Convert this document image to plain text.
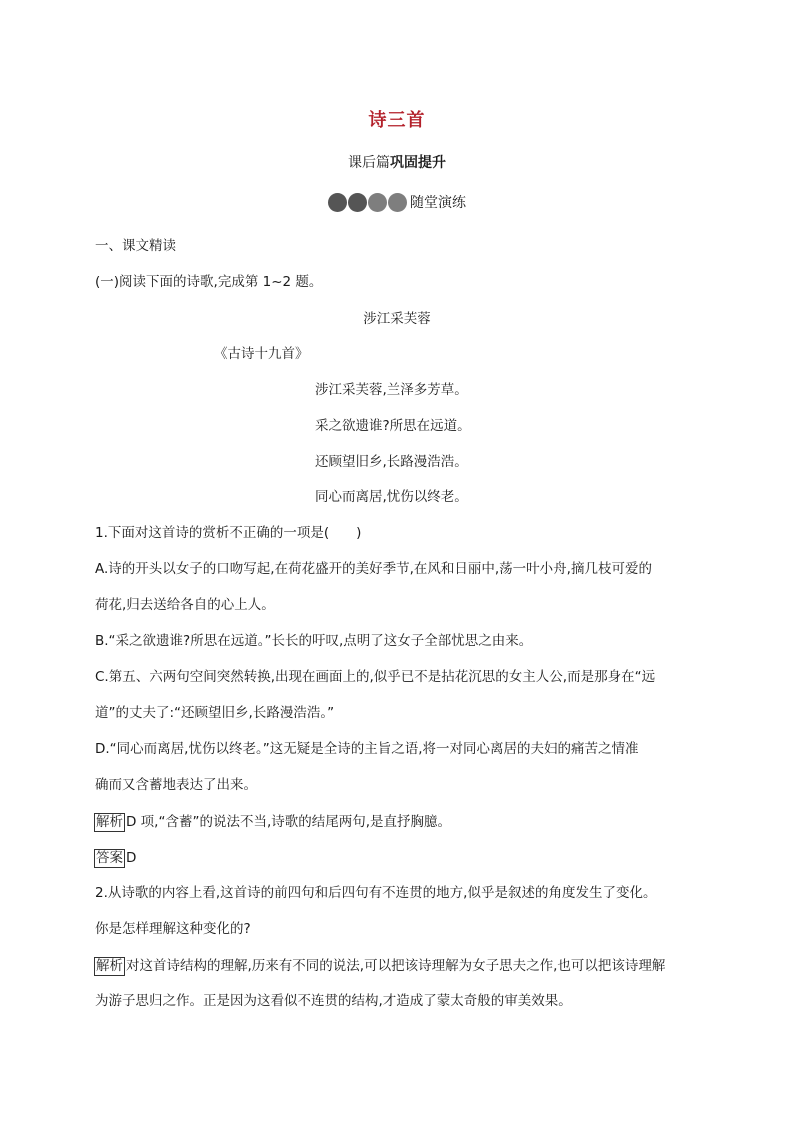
诗三首
课后篇巩固提升
随堂演练
一、课文精读
(一)阅读下面的诗歌,完成第 1~2 题。
涉江采芙蓉
《古诗十九首》
涉江采芙蓉,兰泽多芳草。
采之欲遗谁?所思在远道。
还顾望旧乡,长路漫浩浩。
同心而离居,忧伤以终老。
1.下面对这首诗的赏析不正确的一项是(　　)
A.诗的开头以女子的口吻写起,在荷花盛开的美好季节,在风和日丽中,荡一叶小舟,摘几枝可爱的
荷花,归去送给各自的心上人。
B.“采之欲遗谁?所思在远道。”长长的吁叹,点明了这女子全部忧思之由来。
C.第五、六两句空间突然转换,出现在画面上的,似乎已不是拈花沉思的女主人公,而是那身在“远
道”的丈夫了:“还顾望旧乡,长路漫浩浩。”
D.“同心而离居,忧伤以终老。”这无疑是全诗的主旨之语,将一对同心离居的夫妇的痛苦之情准
确而又含蓄地表达了出来。
解析 D 项,“含蓄”的说法不当,诗歌的结尾两句,是直抒胸臆。
答案 D
2.从诗歌的内容上看,这首诗的前四句和后四句有不连贯的地方,似乎是叙述的角度发生了变化。
你是怎样理解这种变化的?
解析 对这首诗结构的理解,历来有不同的说法,可以把该诗理解为女子思夫之作,也可以把该诗理解
为游子思归之作。正是因为这看似不连贯的结构,才造成了蒙太奇般的审美效果。
